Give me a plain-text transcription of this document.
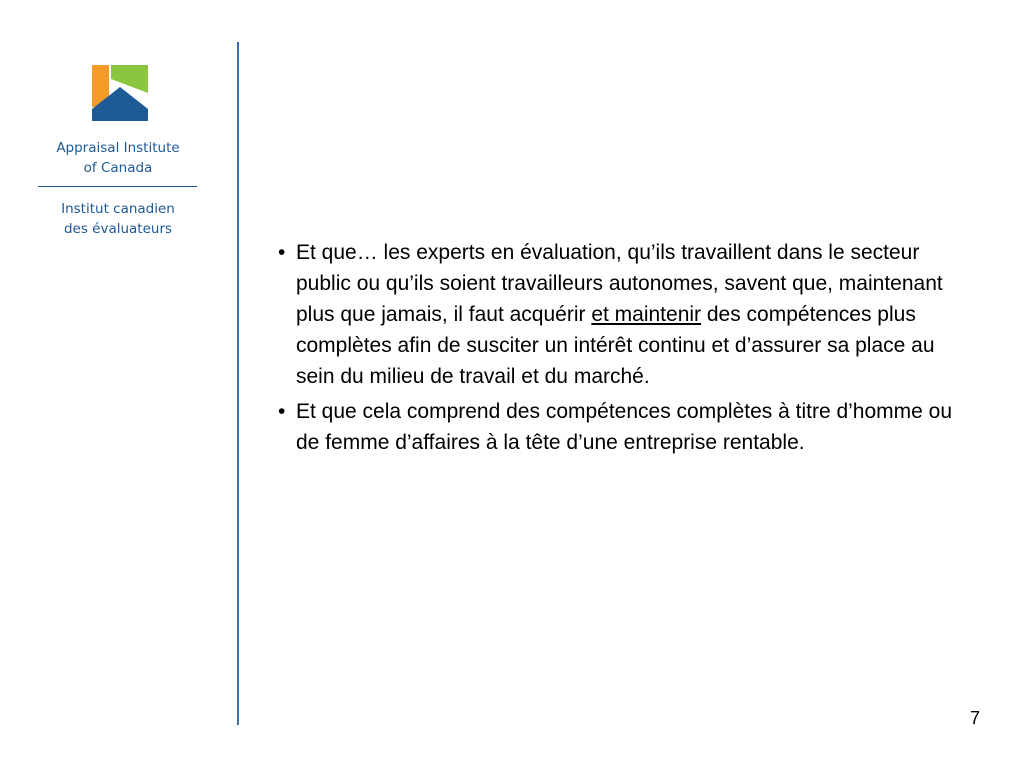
Appraisal Institute
of Canada
Institut canadien
des évaluateurs
• Et que… les experts en évaluation, qu’ils travaillent dans le secteur public ou qu’ils soient travailleurs autonomes, savent que, maintenant plus que jamais, il faut acquérir et maintenir des compétences plus complètes afin de susciter un intérêt continu et d’assurer sa place au sein du milieu de travail et du marché.
• Et que cela comprend des compétences complètes à titre d’homme ou de femme d’affaires à la tête d’une entreprise rentable.
7
